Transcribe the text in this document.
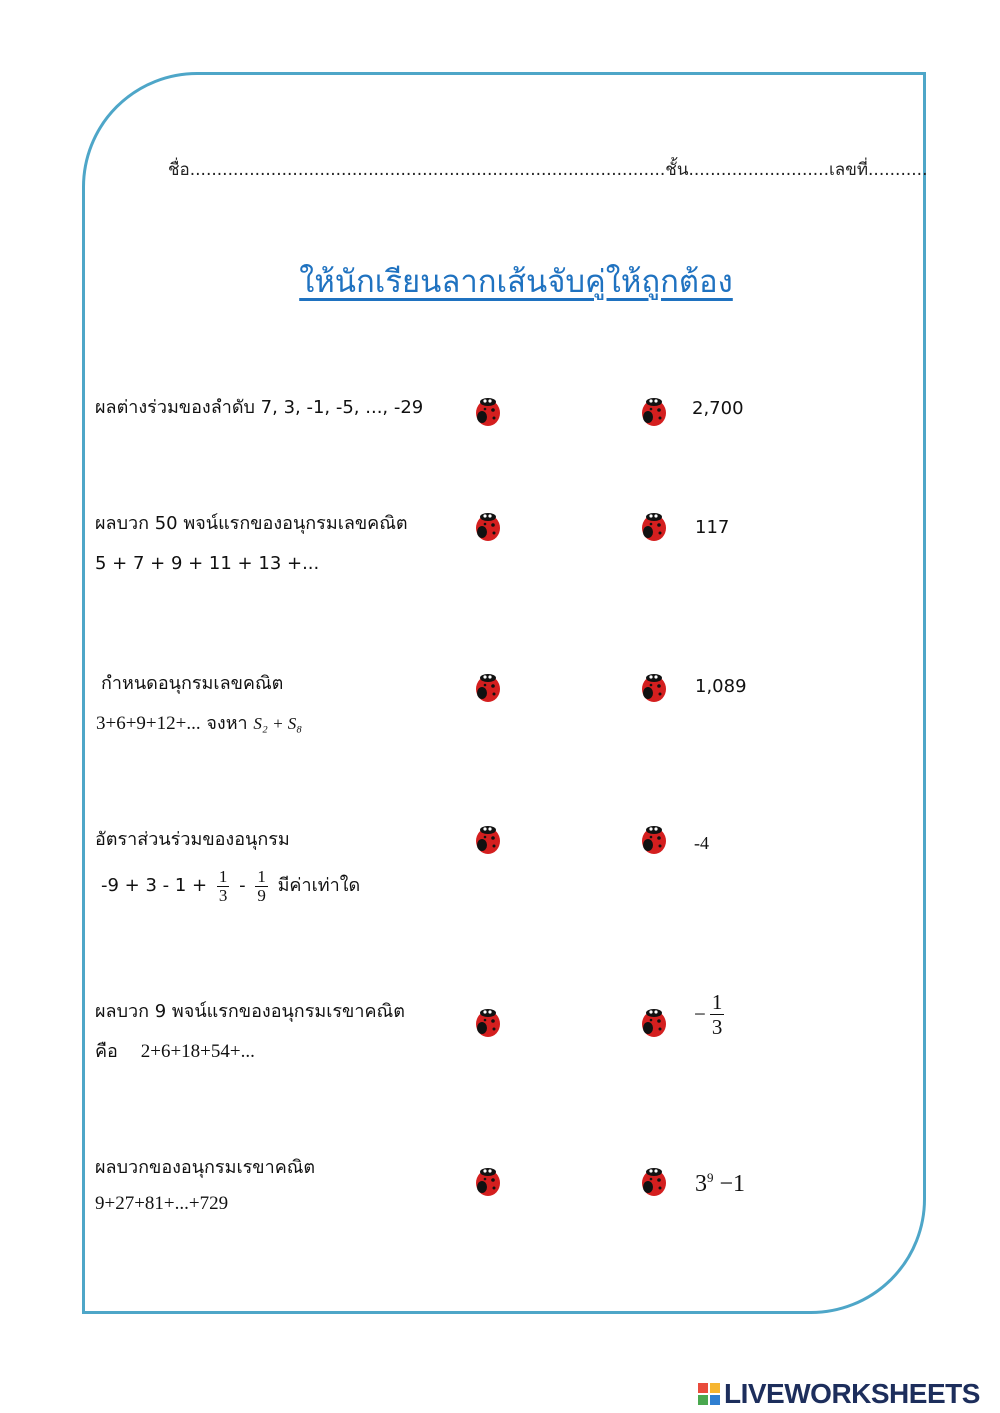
ชื่อ........................................................................................ชั้น..........................เลขที่...........
ให้นักเรียนลากเส้นจับคู่ให้ถูกต้อง
ผลต่างร่วมของลำดับ 7, 3, -1, -5, ..., -29
ผลบวก 50 พจน์แรกของอนุกรมเลขคณิต
5 + 7 + 9 + 11 + 13 +...
กำหนดอนุกรมเลขคณิต
3+6+9+12+... จงหา S₂ + S₈
อัตราส่วนร่วมของอนุกรม
$-9 + 3 - 1 + \frac{1}{3} - \frac{1}{9}$ มีค่าเท่าใด
ผลบวก 9 พจน์แรกของอนุกรมเรขาคณิต
คือ 2+6+18+54+...
ผลบวกของอนุกรมเรขาคณิต
9+27+81+...+729
2,700
117
1,089
-4
− $\frac{1}{3}$
$3^9 -1$
LIVEWORKSHEETS
